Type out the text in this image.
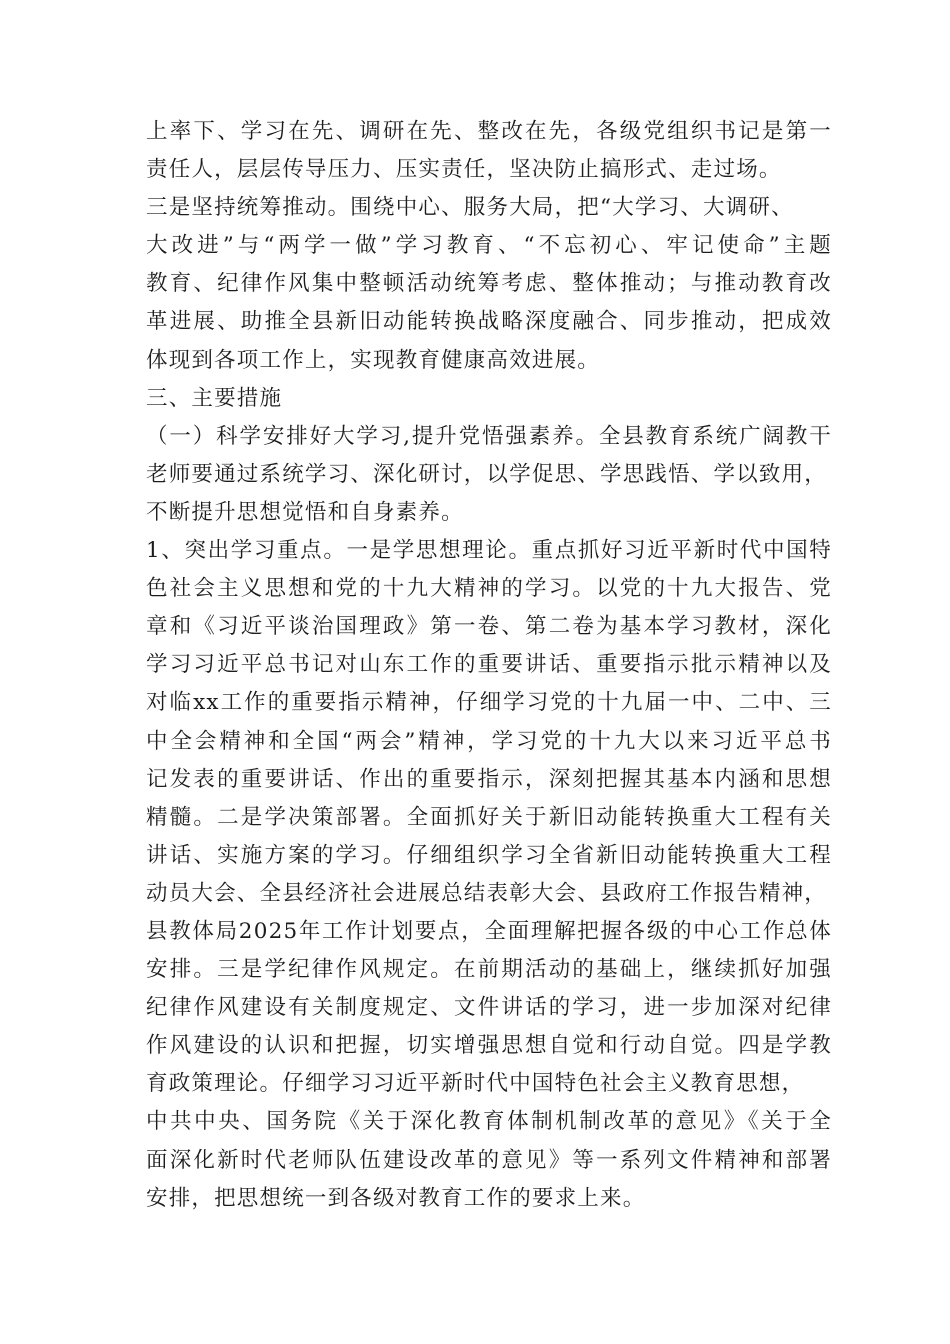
上率下、学习在先、调研在先、整改在先，各级党组织书记是第一
责任人，层层传导压力、压实责任，坚决防止搞形式、走过场。
三是坚持统筹推动。围绕中心、服务大局，把“大学习、大调研、
大改进”与“两学一做”学习教育、“不忘初心、牢记使命”主题
教育、纪律作风集中整顿活动统筹考虑、整体推动；与推动教育改
革进展、助推全县新旧动能转换战略深度融合、同步推动，把成效
体现到各项工作上，实现教育健康高效进展。
三、主要措施
（一）科学安排好大学习,提升党悟强素养。全县教育系统广阔教干
老师要通过系统学习、深化研讨，以学促思、学思践悟、学以致用，
不断提升思想觉悟和自身素养。
1、突出学习重点。一是学思想理论。重点抓好习近平新时代中国特
色社会主义思想和党的十九大精神的学习。以党的十九大报告、党
章和《习近平谈治国理政》第一卷、第二卷为基本学习教材，深化
学习习近平总书记对山东工作的重要讲话、重要指示批示精神以及
对临xx工作的重要指示精神，仔细学习党的十九届一中、二中、三
中全会精神和全国“两会”精神，学习党的十九大以来习近平总书
记发表的重要讲话、作出的重要指示，深刻把握其基本内涵和思想
精髓。二是学决策部署。全面抓好关于新旧动能转换重大工程有关
讲话、实施方案的学习。仔细组织学习全省新旧动能转换重大工程
动员大会、全县经济社会进展总结表彰大会、县政府工作报告精神，
县教体局2025年工作计划要点，全面理解把握各级的中心工作总体
安排。三是学纪律作风规定。在前期活动的基础上，继续抓好加强
纪律作风建设有关制度规定、文件讲话的学习，进一步加深对纪律
作风建设的认识和把握，切实增强思想自觉和行动自觉。四是学教
育政策理论。仔细学习习近平新时代中国特色社会主义教育思想，
中共中央、国务院《关于深化教育体制机制改革的意见》《关于全
面深化新时代老师队伍建设改革的意见》等一系列文件精神和部署
安排，把思想统一到各级对教育工作的要求上来。
